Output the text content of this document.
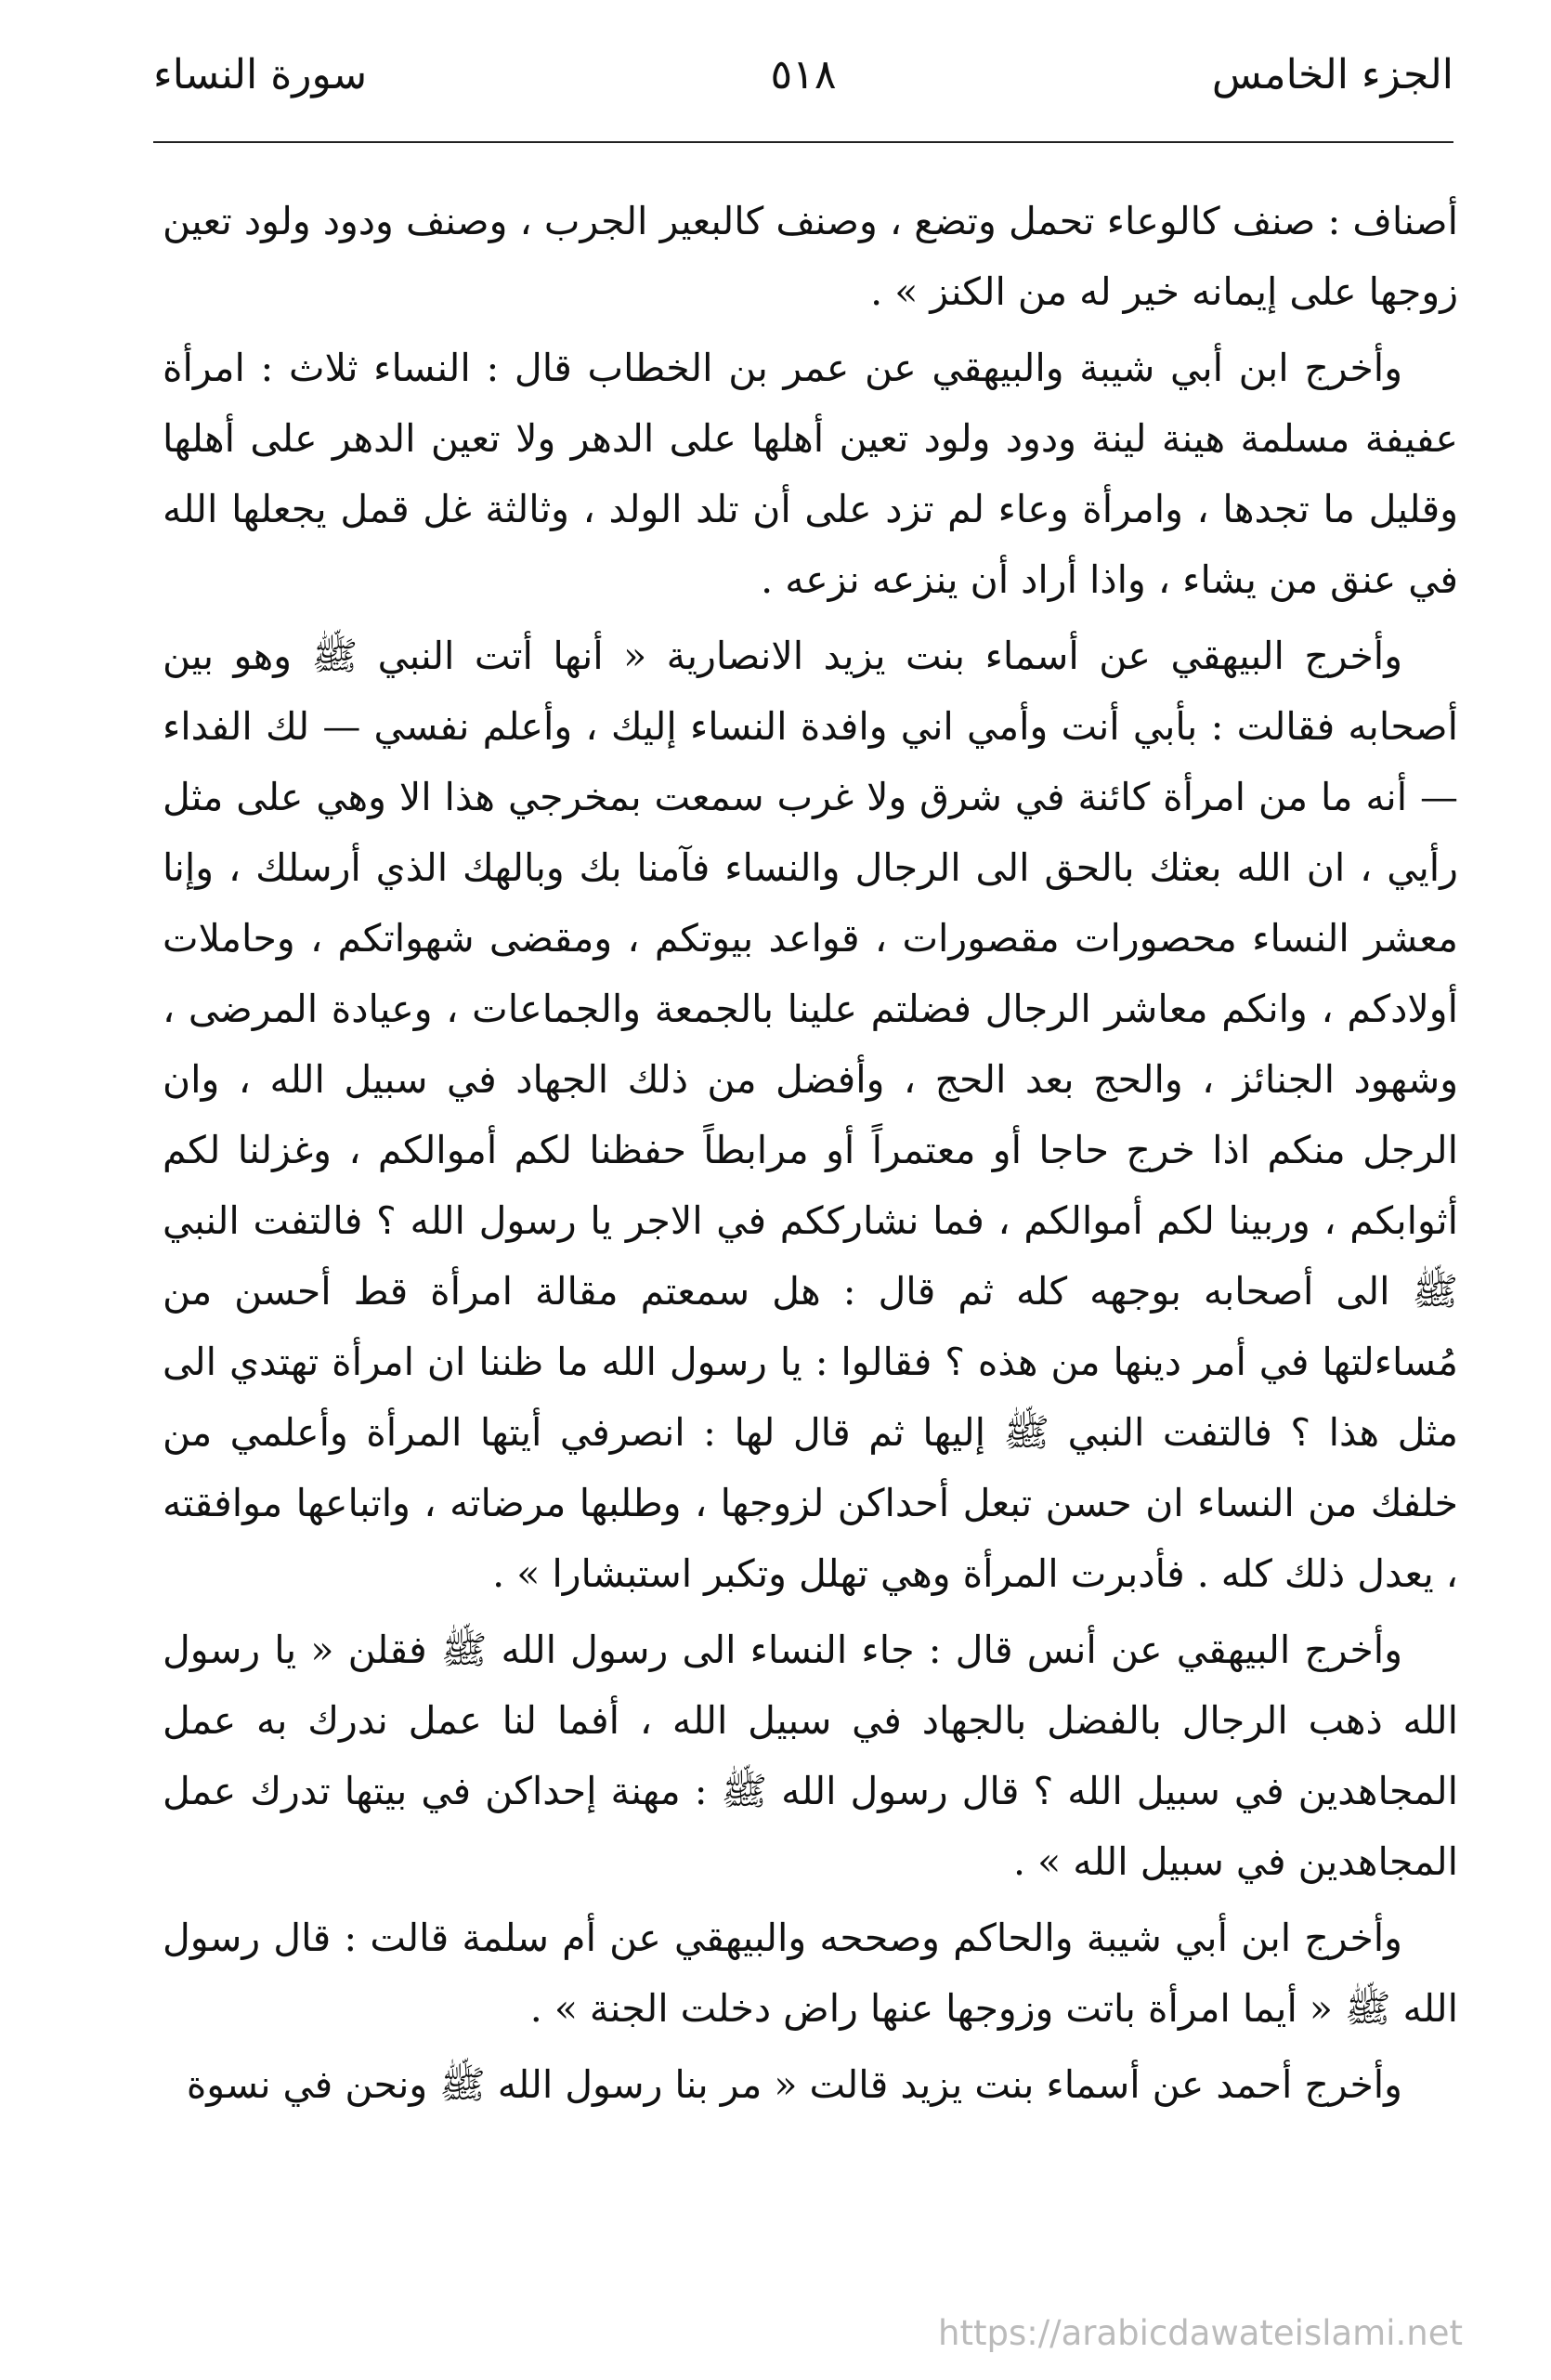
الجزء الخامس
٥١٨
سورة النساء

أصناف : صنف كالوعاء تحمل وتضع ، وصنف كالبعير الجرب ، وصنف ودود ولود تعين زوجها على إيمانه خير له من الكنز » .

وأخرج ابن أبي شيبة والبيهقي عن عمر بن الخطاب قال : النساء ثلاث : امرأة عفيفة مسلمة هينة لينة ودود ولود تعين أهلها على الدهر ولا تعين الدهر على أهلها وقليل ما تجدها ، وامرأة وعاء لم تزد على أن تلد الولد ، وثالثة غل قمل يجعلها الله في عنق من يشاء ، واذا أراد أن ينزعه نزعه .

وأخرج البيهقي عن أسماء بنت يزيد الانصارية « أنها أتت النبي ﷺ وهو بين أصحابه فقالت : بأبي أنت وأمي اني وافدة النساء إليك ، وأعلم نفسي — لك الفداء — أنه ما من امرأة كائنة في شرق ولا غرب سمعت بمخرجي هذا الا وهي على مثل رأيي ، ان الله بعثك بالحق الى الرجال والنساء فآمنا بك وبالهك الذي أرسلك ، وإنا معشر النساء محصورات مقصورات ، قواعد بيوتكم ، ومقضى شهواتكم ، وحاملات أولادكم ، وانكم معاشر الرجال فضلتم علينا بالجمعة والجماعات ، وعيادة المرضى ، وشهود الجنائز ، والحج بعد الحج ، وأفضل من ذلك الجهاد في سبيل الله ، وان الرجل منكم اذا خرج حاجا أو معتمراً أو مرابطاً حفظنا لكم أموالكم ، وغزلنا لكم أثوابكم ، وربينا لكم أموالكم ، فما نشارككم في الاجر يا رسول الله ؟ فالتفت النبي ﷺ الى أصحابه بوجهه كله ثم قال : هل سمعتم مقالة امرأة قط أحسن من مُساءلتها في أمر دينها من هذه ؟ فقالوا : يا رسول الله ما ظننا ان امرأة تهتدي الى مثل هذا ؟ فالتفت النبي ﷺ إليها ثم قال لها : انصرفي أيتها المرأة وأعلمي من خلفك من النساء ان حسن تبعل أحداكن لزوجها ، وطلبها مرضاته ، واتباعها موافقته ، يعدل ذلك كله . فأدبرت المرأة وهي تهلل وتكبر استبشارا » .

وأخرج البيهقي عن أنس قال : جاء النساء الى رسول الله ﷺ فقلن « يا رسول الله ذهب الرجال بالفضل بالجهاد في سبيل الله ، أفما لنا عمل ندرك به عمل المجاهدين في سبيل الله ؟ قال رسول الله ﷺ : مهنة إحداكن في بيتها تدرك عمل المجاهدين في سبيل الله » .

وأخرج ابن أبي شيبة والحاكم وصححه والبيهقي عن أم سلمة قالت : قال رسول الله ﷺ « أيما امرأة باتت وزوجها عنها راض دخلت الجنة » .

وأخرج أحمد عن أسماء بنت يزيد قالت « مر بنا رسول الله ﷺ ونحن في نسوة

https://arabicdawateislami.net
